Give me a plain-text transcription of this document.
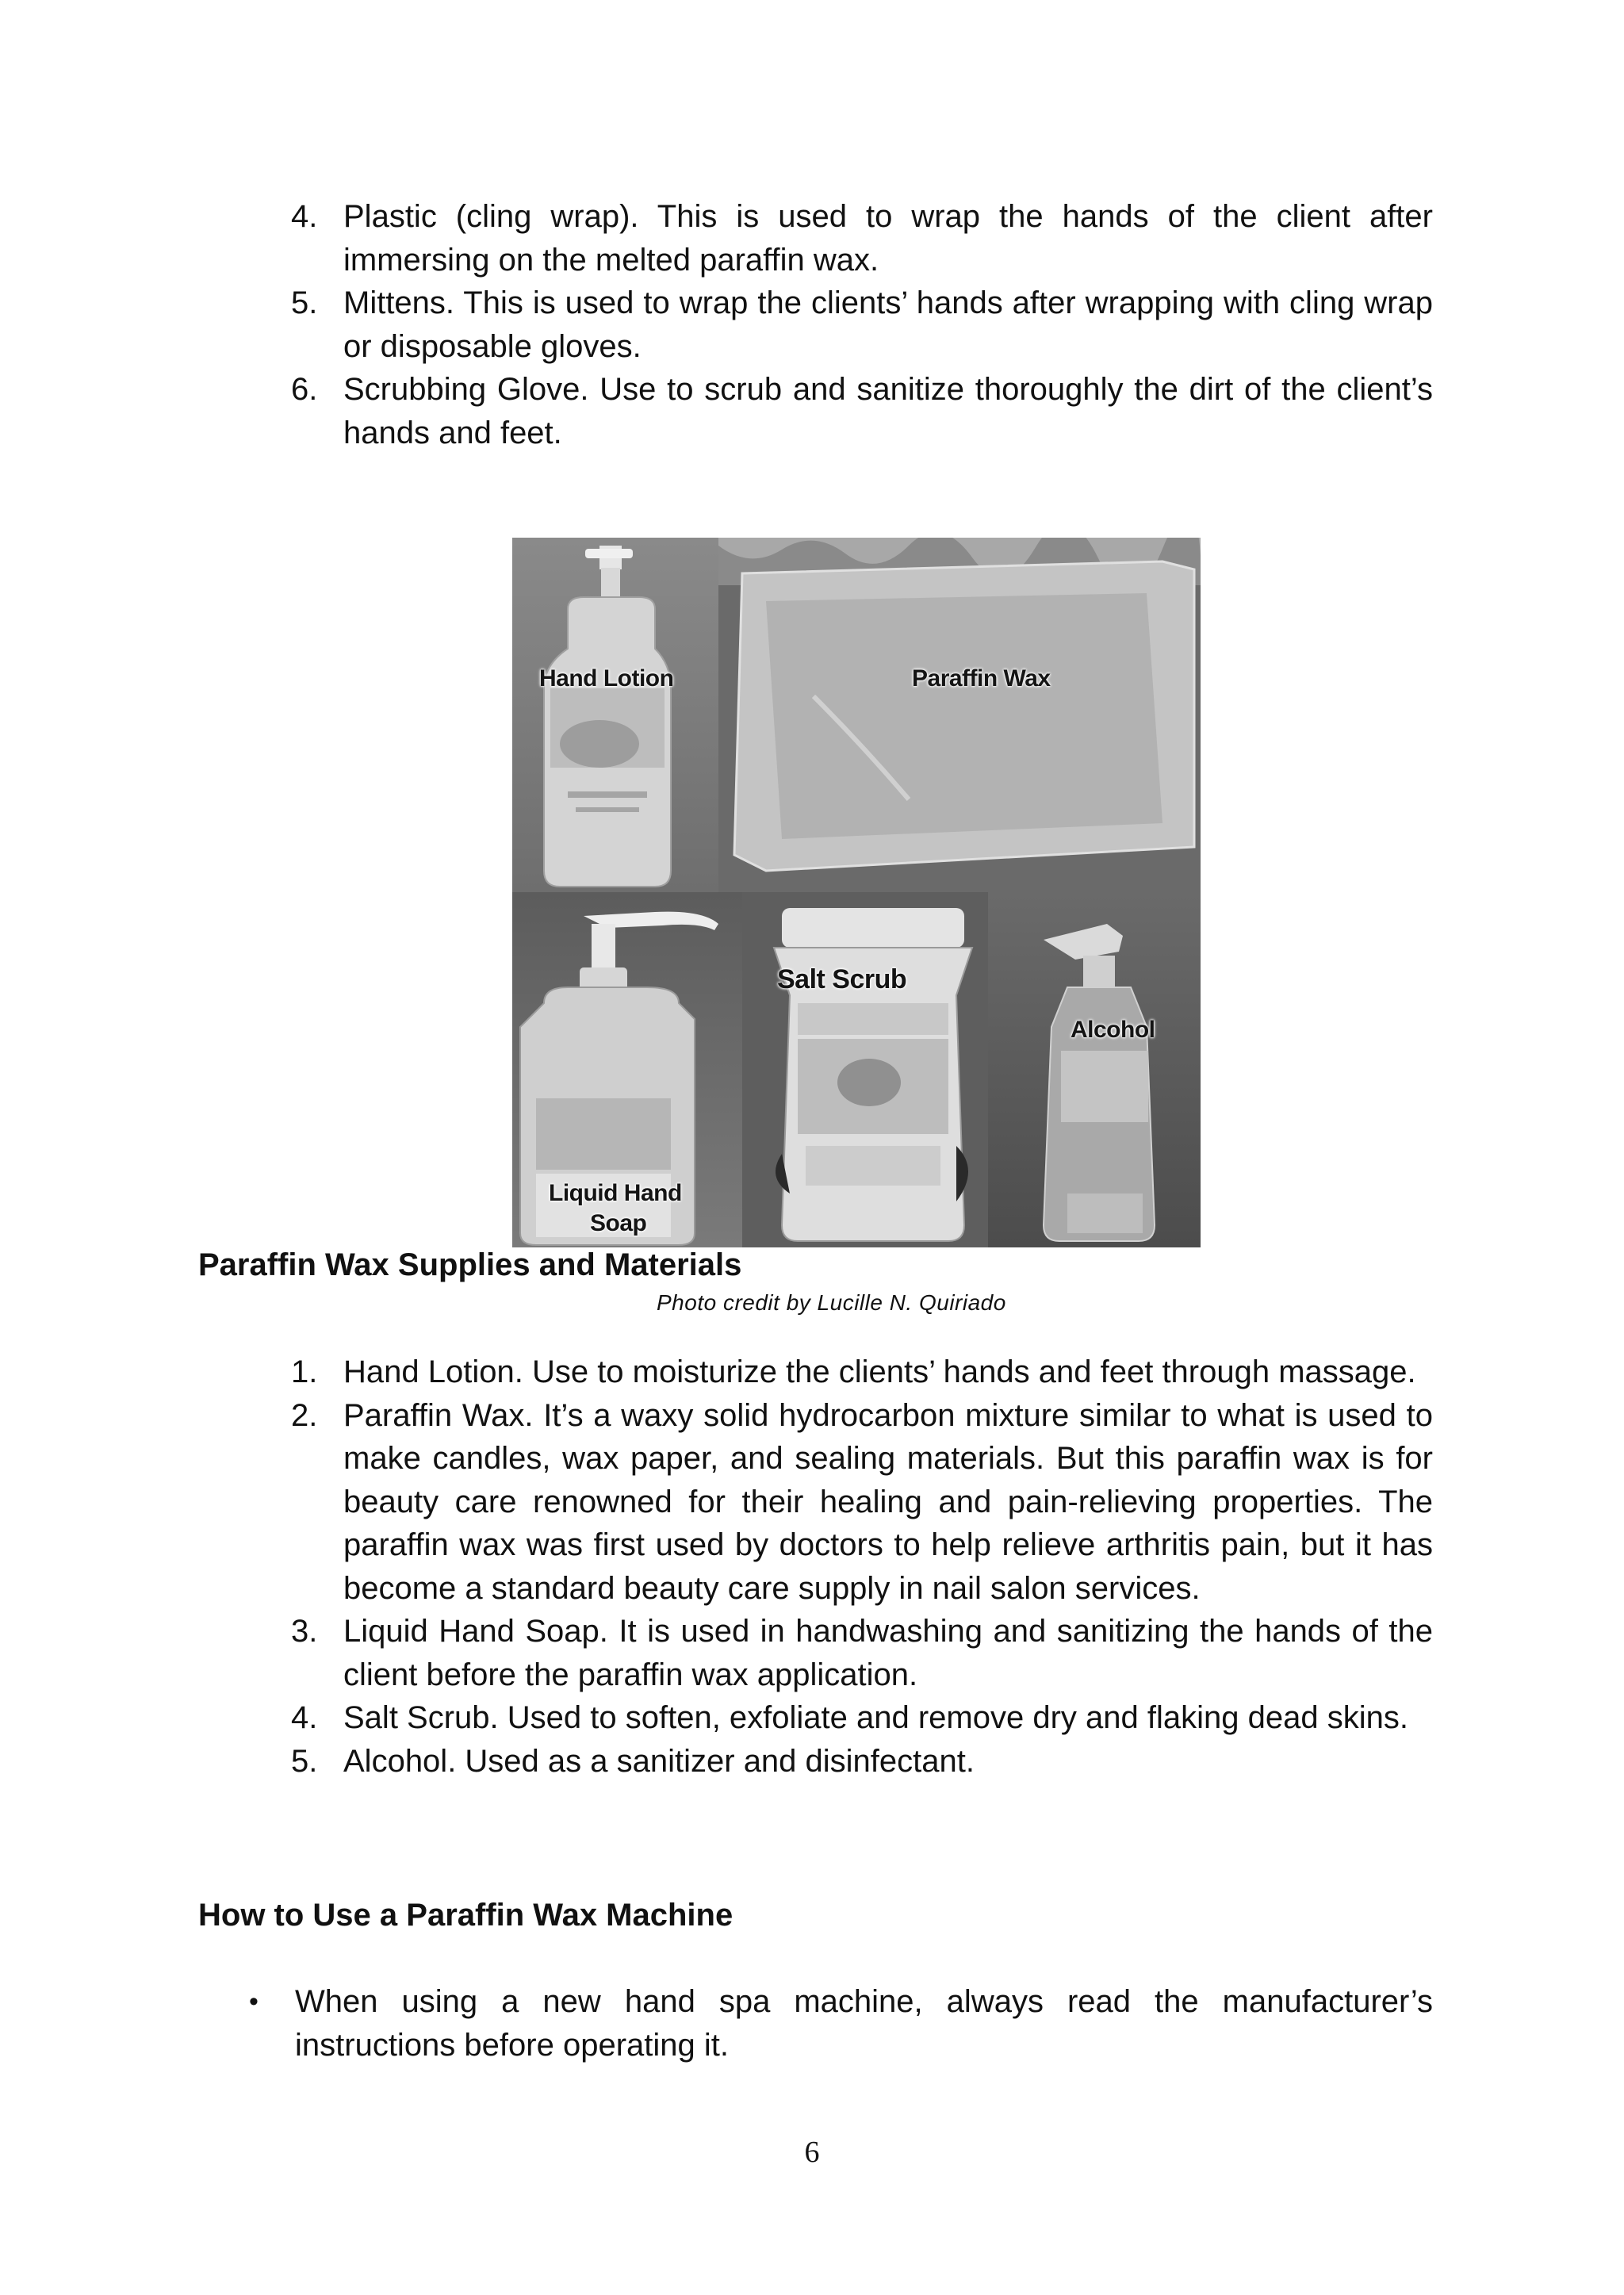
4. Plastic (cling wrap). This is used to wrap the hands of the client after immersing on the melted paraffin wax.
5. Mittens. This is used to wrap the clients’ hands after wrapping with cling wrap or disposable gloves.
6. Scrubbing Glove. Use to scrub and sanitize thoroughly the dirt of the client’s hands and feet.
Hand Lotion	Paraffin Wax
Liquid Hand
Soap
Salt Scrub
Alcohol
Paraffin Wax Supplies and Materials
Photo credit by Lucille N. Quiriado
1. Hand Lotion. Use to moisturize the clients’ hands and feet through massage.
2. Paraffin Wax. It’s a waxy solid hydrocarbon mixture similar to what is used to make candles, wax paper, and sealing materials. But this paraffin wax is for beauty care renowned for their healing and pain-relieving properties. The paraffin wax was first used by doctors to help relieve arthritis pain, but it has become a standard beauty care supply in nail salon services.
3. Liquid Hand Soap. It is used in handwashing and sanitizing the hands of the client before the paraffin wax application.
4. Salt Scrub. Used to soften, exfoliate and remove dry and flaking dead skins.
5. Alcohol. Used as a sanitizer and disinfectant.
How to Use a Paraffin Wax Machine
• When using a new hand spa machine, always read the manufacturer’s instructions before operating it.
6
